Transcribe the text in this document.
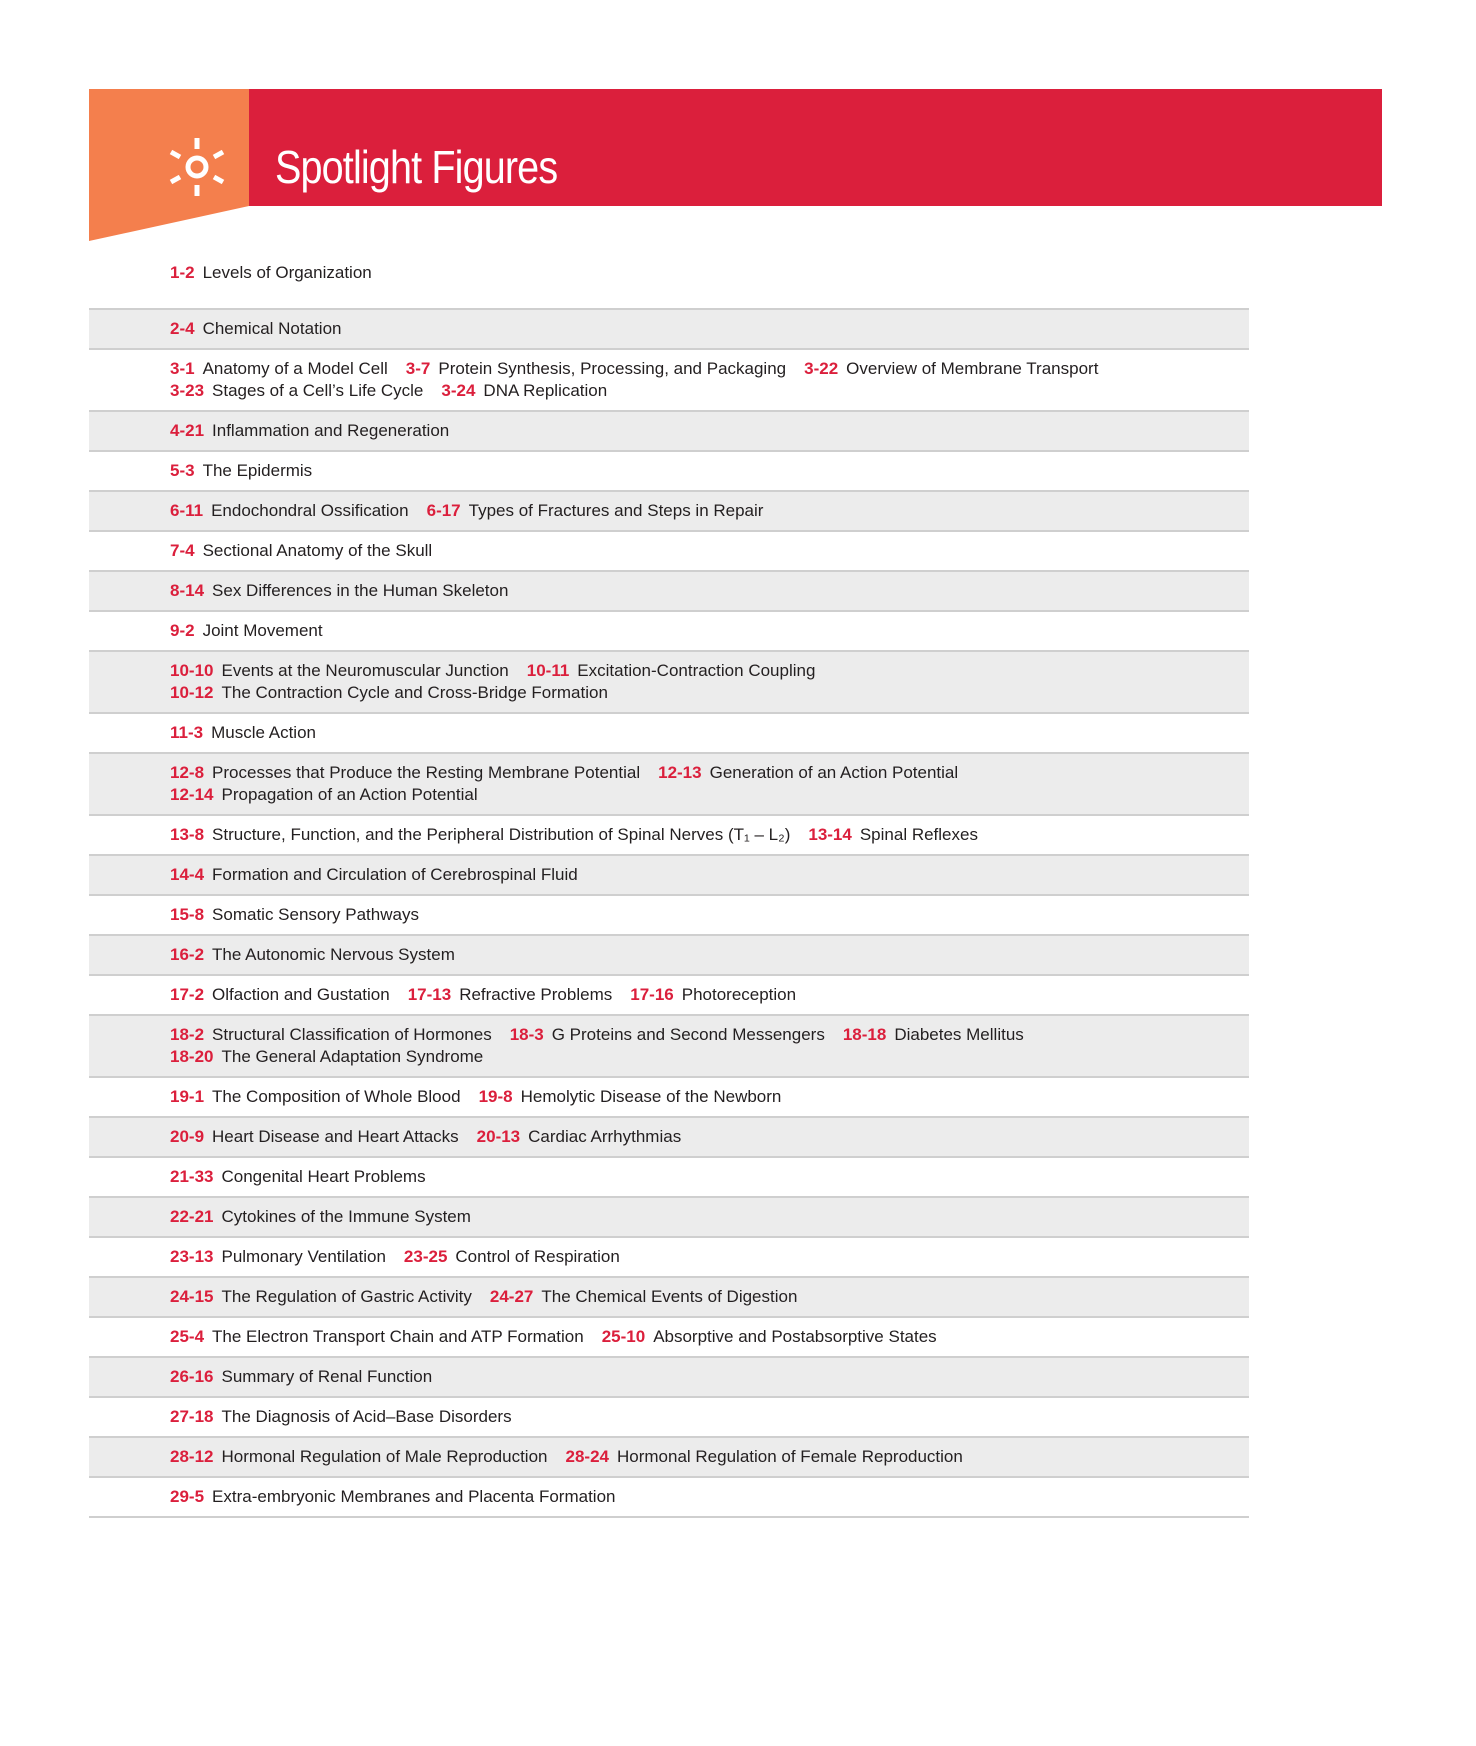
Spotlight Figures
1-2 Levels of Organization
2-4 Chemical Notation
3-1 Anatomy of a Model Cell 3-7 Protein Synthesis, Processing, and Packaging 3-22 Overview of Membrane Transport
3-23 Stages of a Cell’s Life Cycle 3-24 DNA Replication
4-21 Inflammation and Regeneration
5-3 The Epidermis
6-11 Endochondral Ossification 6-17 Types of Fractures and Steps in Repair
7-4 Sectional Anatomy of the Skull
8-14 Sex Differences in the Human Skeleton
9-2 Joint Movement
10-10 Events at the Neuromuscular Junction 10-11 Excitation-Contraction Coupling
10-12 The Contraction Cycle and Cross-Bridge Formation
11-3 Muscle Action
12-8 Processes that Produce the Resting Membrane Potential 12-13 Generation of an Action Potential
12-14 Propagation of an Action Potential
13-8 Structure, Function, and the Peripheral Distribution of Spinal Nerves (T₁ – L₂) 13-14 Spinal Reflexes
14-4 Formation and Circulation of Cerebrospinal Fluid
15-8 Somatic Sensory Pathways
16-2 The Autonomic Nervous System
17-2 Olfaction and Gustation 17-13 Refractive Problems 17-16 Photoreception
18-2 Structural Classification of Hormones 18-3 G Proteins and Second Messengers 18-18 Diabetes Mellitus
18-20 The General Adaptation Syndrome
19-1 The Composition of Whole Blood 19-8 Hemolytic Disease of the Newborn
20-9 Heart Disease and Heart Attacks 20-13 Cardiac Arrhythmias
21-33 Congenital Heart Problems
22-21 Cytokines of the Immune System
23-13 Pulmonary Ventilation 23-25 Control of Respiration
24-15 The Regulation of Gastric Activity 24-27 The Chemical Events of Digestion
25-4 The Electron Transport Chain and ATP Formation 25-10 Absorptive and Postabsorptive States
26-16 Summary of Renal Function
27-18 The Diagnosis of Acid–Base Disorders
28-12 Hormonal Regulation of Male Reproduction 28-24 Hormonal Regulation of Female Reproduction
29-5 Extra-embryonic Membranes and Placenta Formation
